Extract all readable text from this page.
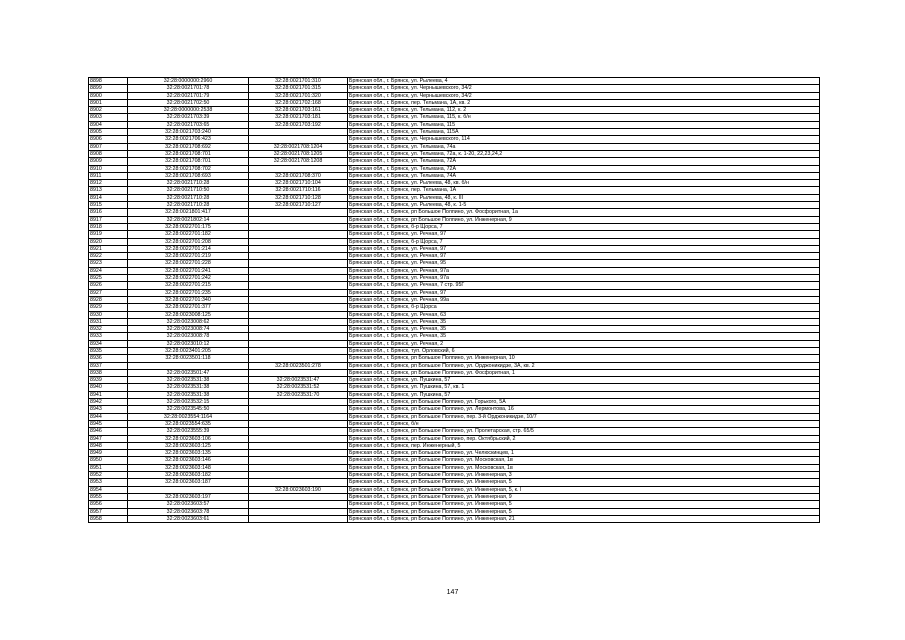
8898	32:28:0000000:2960	32:28:0021701:310	Брянская обл., г. Брянск, ул. Рылеева, 4
8899	32:28:0021701:78	32:28:0021701:315	Брянская обл., г. Брянск, ул. Чернышевского, 34/2
8900	32:28:0021701:79	32:28:0021701:320	Брянская обл., г. Брянск, ул. Чернышевского, 34/2
8901	32:28:0021702:50	32:28:0021702:168	Брянская обл., г. Брянск, пер. Тельмана, 1А, кв. 2
8902	32:28:0000000:2538	32:28:0021703:161	Брянская обл., г. Брянск, ул. Тельмана, 112, к. 2
8903	32:28:0021703:39	32:28:0021703:181	Брянская обл., г. Брянск, ул. Тельмана, 115, к. б/н
8904	32:28:0021703:65	32:28:0021703:192	Брянская обл., г. Брянск, ул. Тельмана, 115
8905	32:28:0021703:240		Брянская обл., г. Брянск, ул. Тельмана, 115А
8906	32:28:0021706:423		Брянская обл., г. Брянск, ул. Чернышевского, 114
8907	32:28:0021708:692	32:28:0021708:1204	Брянская обл., г. Брянск, ул. Тельмана, 74а
8908	32:28:0021708:701	32:28:0021708:1205	Брянская обл., г. Брянск, ул. Тельмана, 72а, к. 1-20, 22,23,24,2
8909	32:28:0021708:701	32:28:0021708:1208	Брянская обл., г. Брянск, ул. Тельмана, 72А
8910	32:28:0021708:702		Брянская обл., г. Брянск, ул. Тельмана, 72А
8911	32:28:0021708:693	32:28:0021708:370	Брянская обл., г. Брянск, ул. Тельмана, 74А
8912	32:28:0021710:28	32:28:0021710:104	Брянская обл., г. Брянск, ул. Рылеева, 48, кв. б/н
8913	32:28:0021710:50	32:28:0021710:116	Брянская обл., г. Брянск, пер. Тельмана, 1А
8914	32:28:0021710:28	32:28:0021710:128	Брянская обл., г. Брянск, ул. Рылеева, 48, к. III
8915	32:28:0021710:28	32:28:0021710:127	Брянская обл., г. Брянск, ул. Рылеева, 48, к. 1-5
8916	32:28:0021801:417		Брянская обл., г. Брянск, рп Большое Полпино, ул. Фосфоритная, 1а
8917	32:28:0021802:14		Брянская обл., г. Брянск, рп Большое Полпино, ул. Инженерная, 9
8918	32:28:0022701:175		Брянская обл., г. Брянск, б-р Щорса, 7
8919	32:28:0022701:182		Брянская обл., г. Брянск, ул. Речная, 97
8920	32:28:0022701:208		Брянская обл., г. Брянск, б-р Щорса, 7
8921	32:28:0022701:214		Брянская обл., г. Брянск, ул. Речная, 97
8922	32:28:0022701:219		Брянская обл., г. Брянск, ул. Речная, 97
8923	32:28:0022701:228		Брянская обл., г. Брянск, ул. Речная, 95
8924	32:28:0022701:241		Брянская обл., г. Брянск, ул. Речная, 97а
8925	32:28:0022701:242		Брянская обл., г. Брянск, ул. Речная, 97а
8926	32:28:0022701:215		Брянская обл., г. Брянск, ул. Речная, 7 стр. 95Г
8927	32:28:0022701:235		Брянская обл., г. Брянск, ул. Речная, 97
8928	32:28:0022701:340		Брянская обл., г. Брянск, ул. Речная, 99а
8929	32:28:0022701:377		Брянская обл., г. Брянск, б-р Щорса
8930	32:28:0023008:125		Брянская обл., г. Брянск, ул. Речная, 63
8931	32:28:0023008:62		Брянская обл., г. Брянск, ул. Речная, 35
8932	32:28:0023008:74		Брянская обл., г. Брянск, ул. Речная, 35
8933	32:28:0023008:78		Брянская обл., г. Брянск, ул. Речная, 35
8934	32:28:0023010:12		Брянская обл., г. Брянск, ул. Речная, 2
8935	32:28:0023401:205		Брянская обл., г. Брянск, туп. Орловский, 6
8936	32:28:0023501:118		Брянская обл., г. Брянск, рп Большое Полпино, ул. Инженерная, 10
8937		32:28:0023501:278	Брянская обл., г. Брянск, рп Большое Полпино, ул. Орджоникидзе, 3А, кв. 2
8938	32:28:0023501:47		Брянская обл., г. Брянск, рп Большое Полпино, ул. Фосфоритная, 1
8939	32:28:0023531:38	32:28:0023531:47	Брянская обл., г. Брянск, ул. Пушкина, 57
8940	32:28:0023531:38	32:28:0023531:52	Брянская обл., г. Брянск, ул. Пушкина, 57, кв. 1
8941	32:28:0023531:38	32:28:0023531:70	Брянская обл., г. Брянск, ул. Пушкина, 57
8942	32:28:0023532:15		Брянская обл., г. Брянск, рп Большое Полпино, ул. Горького, 5А
8943	32:28:0023545:50		Брянская обл., г. Брянск, рп Большое Полпино, ул. Лермонтова, 16
8944	32:28:0023554:1164		Брянская обл., г. Брянск, рп Большое Полпино, пер. 3-й Орджоникидзе, 10/7
8945	32:28:0023554:635		Брянская обл., г. Брянск, б/н
8946	32:28:0023555:39		Брянская обл., г. Брянск, рп Большое Полпино, ул. Пролетарская, стр. 65/5
8947	32:28:0023603:106		Брянская обл., г. Брянск, рп Большое Полпино, пер. Октябрьский, 2
8948	32:28:0023603:125		Брянская обл., г. Брянск, пер. Инженерный, 5
8949	32:28:0023603:135		Брянская обл., г. Брянск, рп Большое Полпино, ул. Челюскинцев, 1
8950	32:28:0023603:146		Брянская обл., г. Брянск, рп Большое Полпино, ул. Московская, 1в
8951	32:28:0023603:148		Брянская обл., г. Брянск, рп Большое Полпино, ул. Московская, 1в
8952	32:28:0023603:182		Брянская обл., г. Брянск, рп Большое Полпино, ул. Инженерная, 3
8953	32:28:0023603:187		Брянская обл., г. Брянск, рп Большое Полпино, ул. Инженерная, 5
8954		32:28:0023603:190	Брянская обл., г. Брянск, рп Большое Полпино, ул. Инженерная, 5, к. I
8955	32:28:0023603:197		Брянская обл., г. Брянск, рп Большое Полпино, ул. Инженерная, 9
8956	32:28:0023603:57		Брянская обл., г. Брянск, рп Большое Полпино, ул. Инженерная, 5
8957	32:28:0023603:78		Брянская обл., г. Брянск, рп Большое Полпино, ул. Инженерная, 5
8958	32:28:0023603:61		Брянская обл., г. Брянск, рп Большое Полпино, ул. Инженерная, 21
147
